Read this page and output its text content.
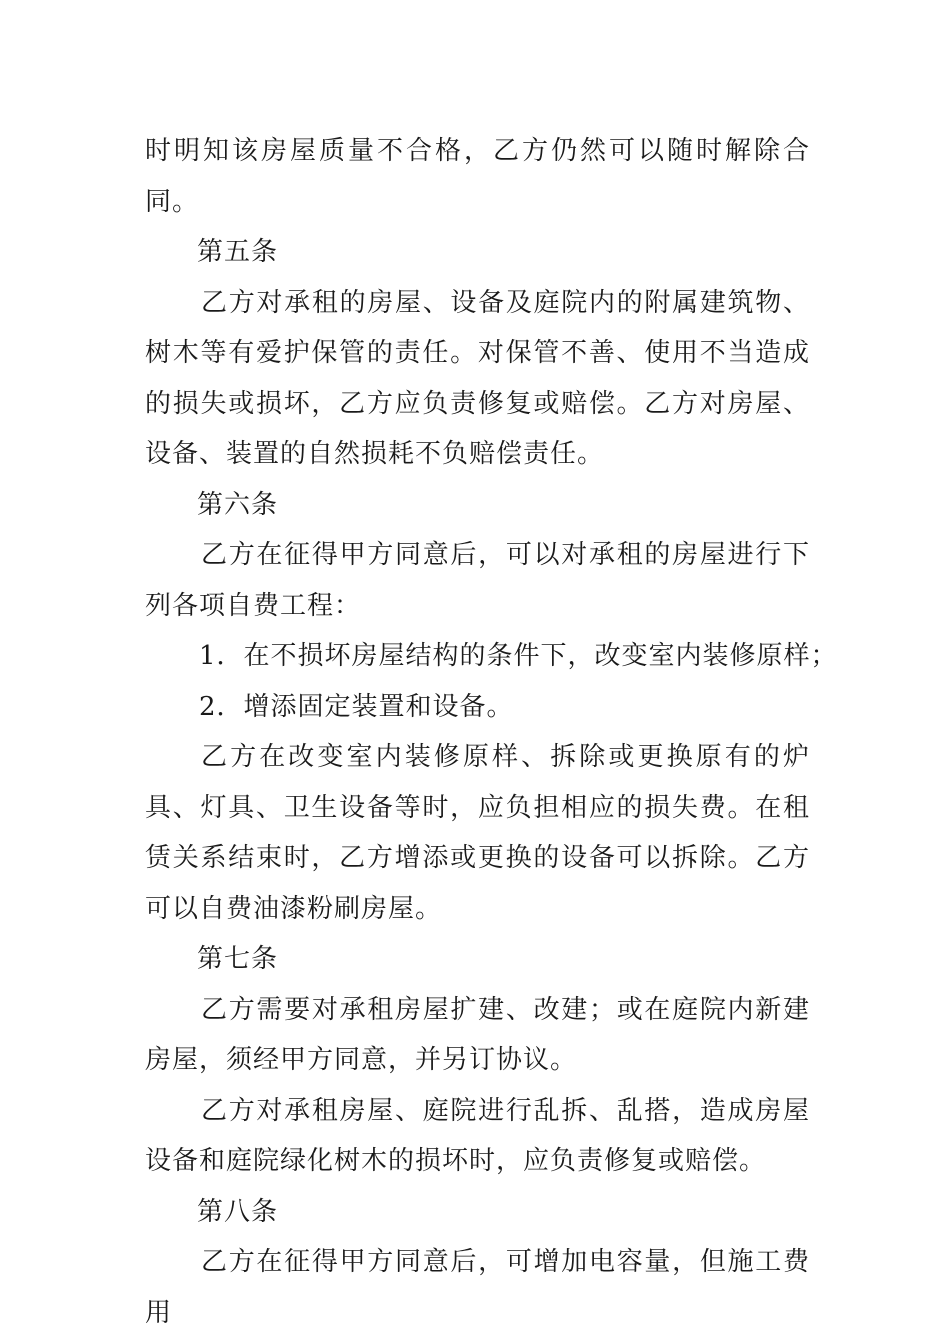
时明知该房屋质量不合格，乙方仍然可以随时解除合同。

第五条

乙方对承租的房屋、设备及庭院内的附属建筑物、树木等有爱护保管的责任。对保管不善、使用不当造成的损失或损坏，乙方应负责修复或赔偿。乙方对房屋、设备、装置的自然损耗不负赔偿责任。

第六条

乙方在征得甲方同意后，可以对承租的房屋进行下列各项自费工程：

1．在不损坏房屋结构的条件下，改变室内装修原样；

2．增添固定装置和设备。

乙方在改变室内装修原样、拆除或更换原有的炉具、灯具、卫生设备等时，应负担相应的损失费。在租赁关系结束时，乙方增添或更换的设备可以拆除。乙方可以自费油漆粉刷房屋。

第七条

乙方需要对承租房屋扩建、改建；或在庭院内新建房屋，须经甲方同意，并另订协议。

乙方对承租房屋、庭院进行乱拆、乱搭，造成房屋设备和庭院绿化树木的损坏时，应负责修复或赔偿。

第八条

乙方在征得甲方同意后，可增加电容量，但施工费用
